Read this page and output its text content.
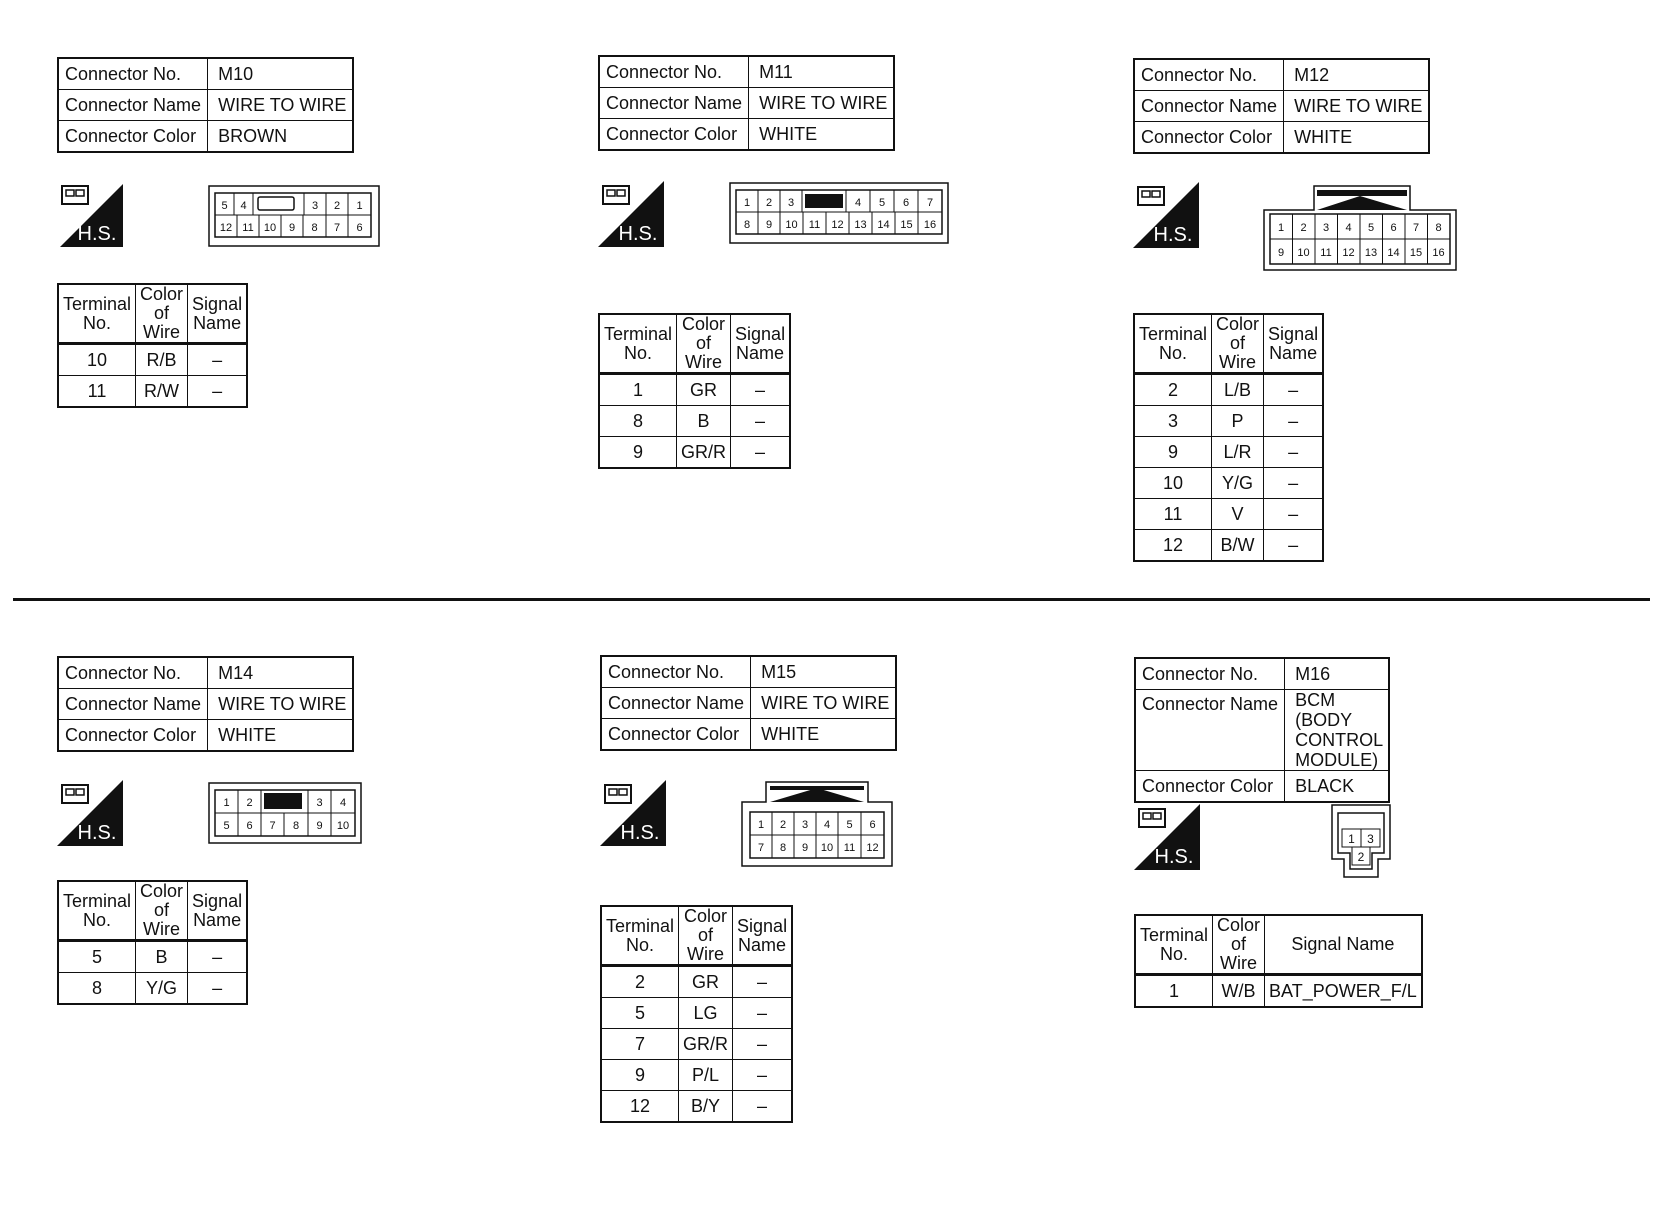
Connector No.	M10
Connector Name	WIRE TO WIRE
Connector Color	BROWN
H.S.
5 4	3 2 1
12 11 10 9 8 7 6
Terminal No.	Color of Wire	Signal Name
10	R/B	–
11	R/W	–
Connector No.	M11
Connector Name	WIRE TO WIRE
Connector Color	WHITE
H.S.
1 2 3	4 5 6 7
8 9 10 11 12 13 14 15 16
Terminal No.	Color of Wire	Signal Name
1	GR	–
8	B	–
9	GR/R	–
Connector No.	M12
Connector Name	WIRE TO WIRE
Connector Color	WHITE
H.S.	1 2 3 4 5 6 7 8
9 10 11 12 13 14 15 16
Terminal No.	Color of Wire	Signal Name
2	L/B	–
3	P	–
9	L/R	–
10	Y/G	–
11	V	–
12	B/W	–
Connector No.	M14
Connector Name	WIRE TO WIRE
Connector Color	WHITE
H.S.
1 2	3 4
5 6 7 8 9 10
Terminal No.	Color of Wire	Signal Name
5	B	–
8	Y/G	–
Connector No.	M15
Connector Name	WIRE TO WIRE
Connector Color	WHITE
H.S.	1 2 3 4 5 6
7 8 9 10 11 12
Terminal No.	Color of Wire	Signal Name
2	GR	–
5	LG	–
7	GR/R	–
9	P/L	–
12	B/Y	–
Connector No.	M16
Connector Name	BCM (BODY CONTROL MODULE)
Connector Color	BLACK
H.S.
1 3
2
Terminal No.	Color of Wire	Signal Name
1	W/B	BAT_POWER_F/L
